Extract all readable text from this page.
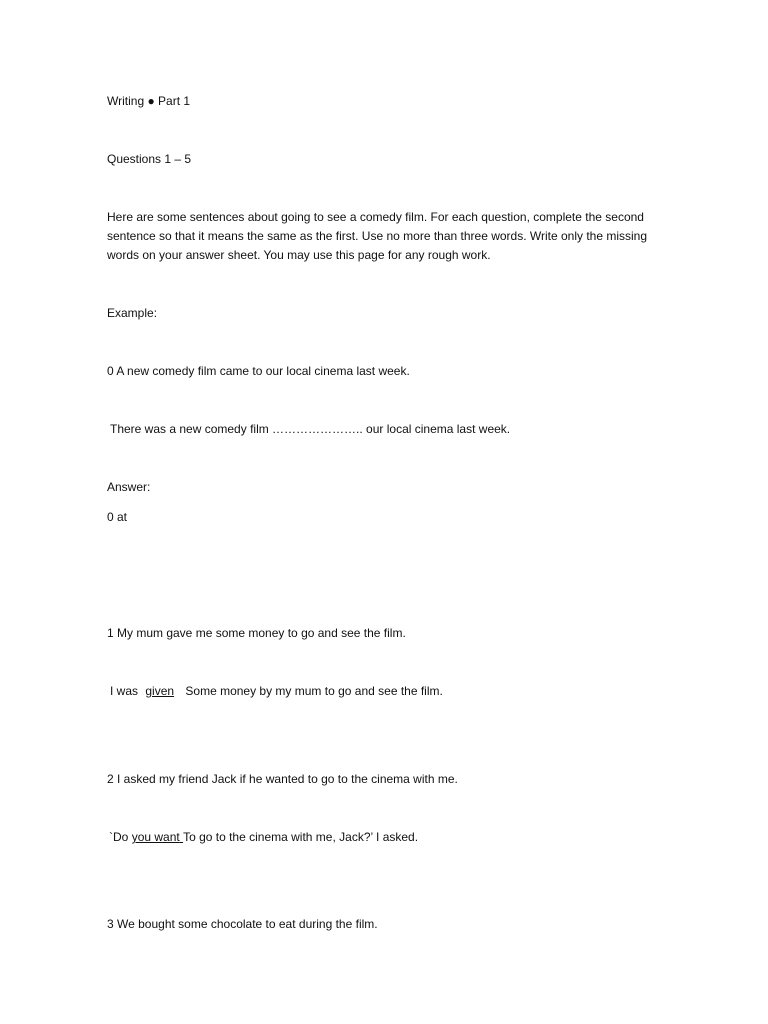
Writing ● Part 1
Questions 1 – 5
Here are some sentences about going to see a comedy film. For each question, complete the second sentence so that it means the same as the first. Use no more than three words. Write only the missing words on your answer sheet. You may use this page for any rough work.
Example:
0 A new comedy film came to our local cinema last week.
There was a new comedy film ………………….. our local cinema last week.
Answer:
0 at
1 My mum gave me some money to go and see the film.
I was given Some money by my mum to go and see the film.
2 I asked my friend Jack if he wanted to go to the cinema with me.
`Do you want To go to the cinema with me, Jack?’ I asked.
3 We bought some chocolate to eat during the film.
